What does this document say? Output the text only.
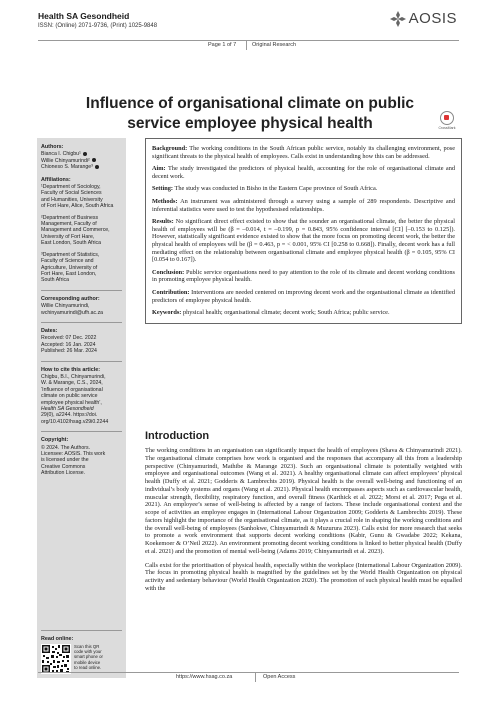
Health SA Gesondheid
ISSN: (Online) 2071-9736, (Print) 1025-9848	AOSIS
Page 1 of 7	Original Research
Influence of organisational climate on public
service employee physical health	CrossMark
Authors:
Bianca I. Chigbu¹
Willie Chinyamurindi²
Chioneso S. Marange³
Affiliations:
¹Department of Sociology,
Faculty of Social Sciences
and Humanities, University
of Fort Hare, Alice, South Africa
²Department of Business
Management, Faculty of
Management and Commerce,
University of Fort Hare,
East London, South Africa
³Department of Statistics,
Faculty of Science and
Agriculture, University of
Fort Hare, East London,
South Africa
Corresponding author:
Willie Chinyamurindi,
wchinyamurindi@ufh.ac.za
Dates:
Received: 07 Dec. 2022
Accepted: 16 Jan. 2024
Published: 26 Mar. 2024
How to cite this article:
Chigbu, B.I., Chinyamurindi,
W. & Marange, C.S., 2024,
‘Influence of organisational
climate on public service
employee physical health’,
Health SA Gesondheid
29(0), a2244. https://doi.
org/10.4102/hsag.v29i0.2244
Copyright:
© 2024. The Authors.
Licensee: AOSIS. This work
is licensed under the
Creative Commons
Attribution License.
Read online:
Scan this QR
code with your
smart phone or
mobile device
to read online.

Background: The working conditions in the South African public service, notably its challenging environment, pose significant threats to the physical health of employees. Calls exist in understanding how this can be addressed.

Aim: The study investigated the predictors of physical health, accounting for the role of organisational climate and decent work.

Setting: The study was conducted in Bisho in the Eastern Cape province of South Africa.

Methods: An instrument was administered through a survey using a sample of 289 respondents. Descriptive and inferential statistics were used to test the hypothesised relationships.

Results: No significant direct effect existed to show that the sounder an organisational climate, the better the physical health of employees will be (β = –0.014, t = –0.199, p = 0.843, 95% confidence interval [CI] [–0.153 to 0.125]). However, statistically significant evidence existed to show that the more focus on promoting decent work, the better the physical health of employees will be (β = 0.463, p = < 0.001, 95% CI [0.258 to 0.668]). Finally, decent work has a full mediating effect on the relationship between organisational climate and employee physical health (β = 0.105, 95% CI [0.054 to 0.167]).

Conclusion: Public service organisations need to pay attention to the role of its climate and decent working conditions in promoting employee physical health.

Contribution: Interventions are needed centered on improving decent work and the organisational climate as identified predictors of employee physical health.

Keywords: physical health; organisational climate; decent work; South Africa; public service.

Introduction

The working conditions in an organisation can significantly impact the health of employees (Shava & Chinyamurindi 2021). The organisational climate comprises how work is organised and the responses that accompany all this from a leadership perspective (Chinyamurindi, Mathibe & Marange 2023). Such an organisational climate is potentially weighted with employee and organisational outcomes (Wang et al. 2021). A healthy organisational climate can affect employees’ physical health (Duffy et al. 2021; Godderis & Lambrechts 2019). Physical health is the overall well-being and functioning of an individual’s body systems and organs (Wang et al. 2021). Physical health encompasses aspects such as cardiovascular health, muscular strength, flexibility, respiratory function, and overall fitness (Karthick et al. 2022; Morsi et al. 2017; Pega et al. 2021). An employee’s sense of well-being is affected by a range of factors. These include organisational context and the scope of activities an employee engages in (International Labour Organization 2009; Godderis & Lambrechts 2019). These factors highlight the importance of the organisational climate, as it plays a crucial role in shaping the working conditions and the overall well-being of employees (Sanhokwe, Chinyamurindi & Muzurura 2023). Calls exist for more research that seeks to promote a work environment that supports decent working conditions (Kabir, Gunu & Gwadabe 2022; Kekana, Koekemoer & O’Neil 2022). An environment promoting decent working conditions is linked to better physical health (Duffy et al. 2021) and the promotion of mental well-being (Adams 2019; Chinyamurindi et al. 2023).

Calls exist for the prioritisation of physical health, especially within the workplace (International Labour Organization 2009). The focus in promoting physical health is magnified by the guidelines set by the World Health Organization on physical activity and sedentary behaviour (World Health Organization 2020). The promotion of such physical health must be equalled with the

https://www.hsag.co.za	Open Access
